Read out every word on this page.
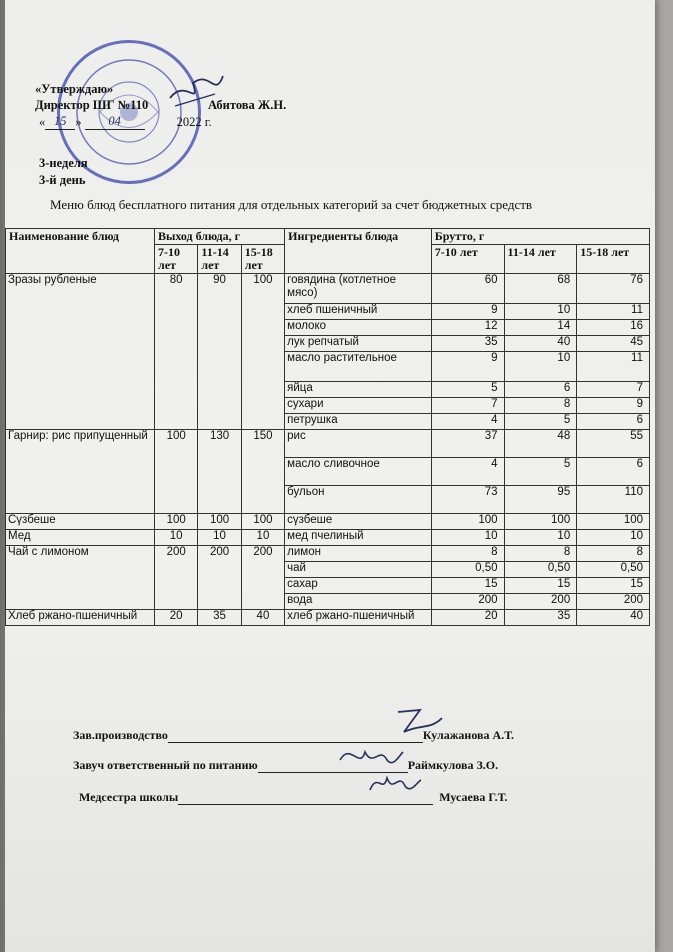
«Утверждаю»
Директор ШГ №110	Абитова Ж.Н.
« 15 » 04	2022 г.
3-неделя
3-й день
Меню блюд бесплатного питания для отдельных категорий за счет бюджетных средств
Наименование блюд	Выход блюда, г			Ингредиенты блюда	Брутто, г		
	7-10 лет	11-14 лет	15-18 лет		7-10 лет	11-14 лет	15-18 лет
Зразы рубленые	80	90	100	говядина (котлетное мясо)	60	68	76
				хлеб пшеничный	9	10	11
				молоко	12	14	16
				лук репчатый	35	40	45
				масло растительное	9	10	11
				яйца	5	6	7
				сухари	7	8	9
				петрушка	4	5	6
Гарнир: рис припущенный	100	130	150	рис	37	48	55
				масло сливочное	4	5	6
				бульон	73	95	110
Сүзбеше	100	100	100	сүзбеше	100	100	100
Мед	10	10	10	мед пчелиный	10	10	10
Чай с лимоном	200	200	200	лимон	8	8	8
				чай	0,50	0,50	0,50
				сахар	15	15	15
				вода	200	200	200
Хлеб ржано-пшеничный	20	35	40	хлеб ржано-пшеничный	20	35	40
Зав.производство	Кулажанова А.Т.
Завуч ответственный по питанию	Раймкулова З.О.
Медсестра школы	Мусаева Г.Т.
